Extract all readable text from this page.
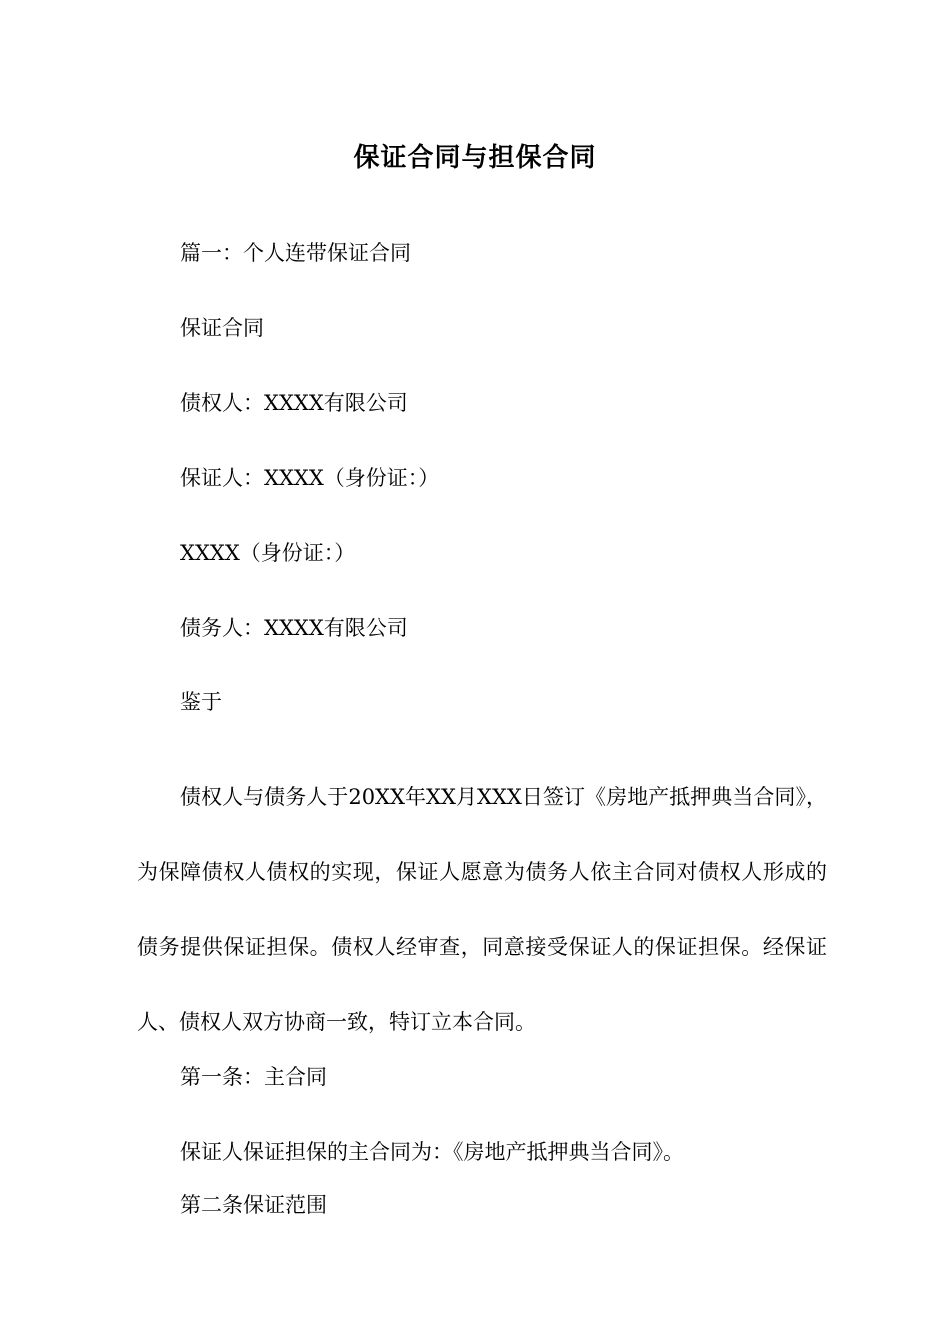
保证合同与担保合同
篇一：个人连带保证合同
保证合同
债权人：XXXX有限公司
保证人：XXXX（身份证：）
XXXX（身份证：）
债务人：XXXX有限公司
鉴于
债权人与债务人于20XX年XX月XXX日签订《房地产抵押典当合同》，为保障债权人债权的实现，保证人愿意为债务人依主合同对债权人形成的债务提供保证担保。债权人经审查，同意接受保证人的保证担保。经保证人、债权人双方协商一致，特订立本合同。
第一条：主合同
保证人保证担保的主合同为：《房地产抵押典当合同》。
第二条保证范围
